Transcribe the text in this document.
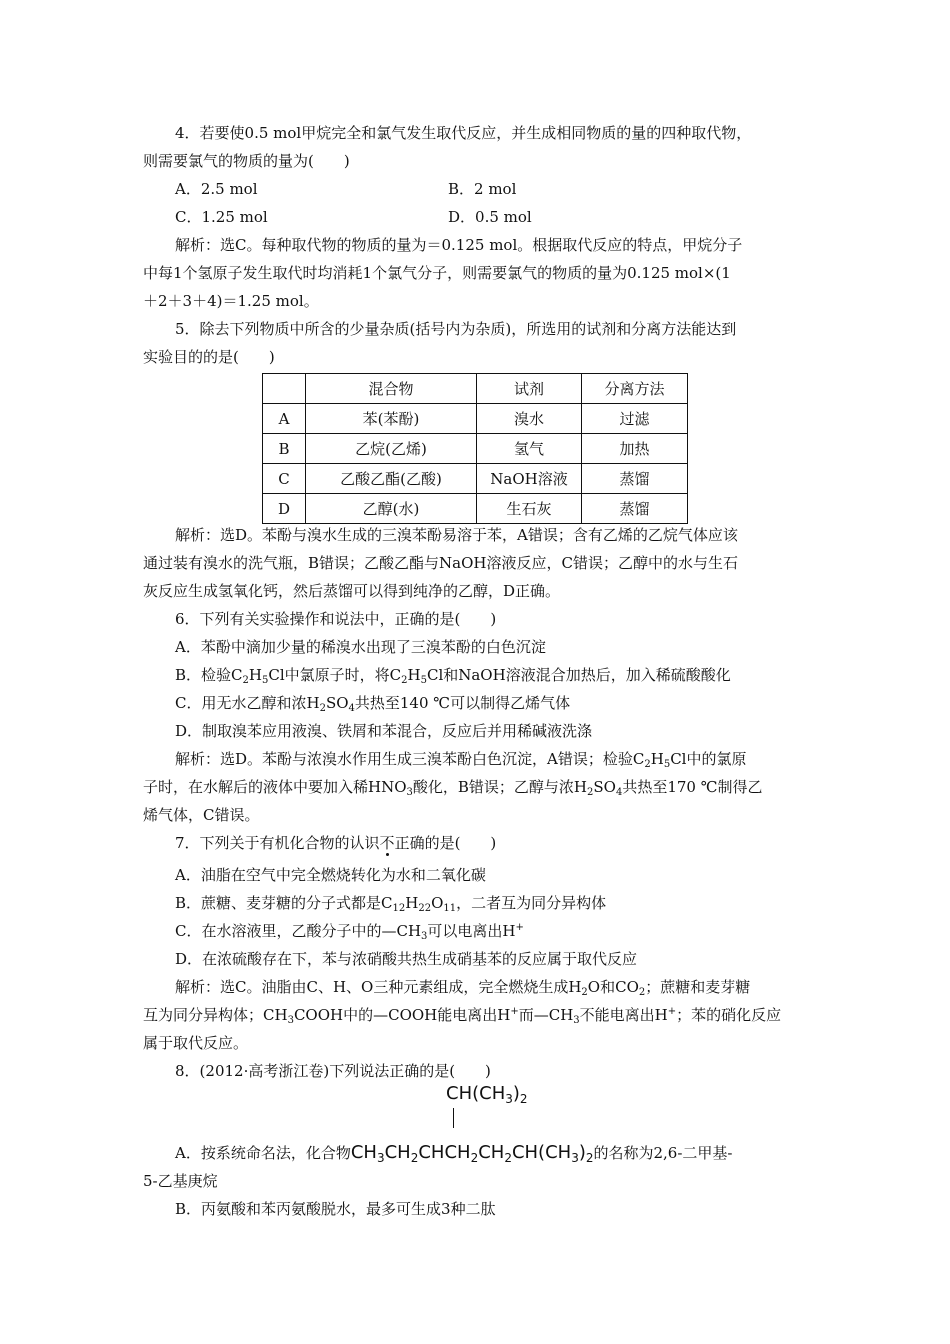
4．若要使0.5 mol甲烷完全和氯气发生取代反应，并生成相同物质的量的四种取代物，
则需要氯气的物质的量为(　　)
A．2.5 mol	B．2 mol
C．1.25 mol	D．0.5 mol
解析：选C。每种取代物的物质的量为＝0.125 mol。根据取代反应的特点，甲烷分子
中每1个氢原子发生取代时均消耗1个氯气分子，则需要氯气的物质的量为0.125 mol×(1
＋2＋3＋4)＝1.25 mol。
5．除去下列物质中所含的少量杂质(括号内为杂质)，所选用的试剂和分离方法能达到
实验目的的是(　　)
	混合物	试剂	分离方法
A	苯(苯酚)	溴水	过滤
B	乙烷(乙烯)	氢气	加热
C	乙酸乙酯(乙酸)	NaOH溶液	蒸馏
D	乙醇(水)	生石灰	蒸馏
解析：选D。苯酚与溴水生成的三溴苯酚易溶于苯，A错误；含有乙烯的乙烷气体应该
通过装有溴水的洗气瓶，B错误；乙酸乙酯与NaOH溶液反应，C错误；乙醇中的水与生石
灰反应生成氢氧化钙，然后蒸馏可以得到纯净的乙醇，D正确。
6．下列有关实验操作和说法中，正确的是(　　)
A．苯酚中滴加少量的稀溴水出现了三溴苯酚的白色沉淀
B．检验$C_2H_5Cl$中氯原子时，将$C_2H_5Cl$和NaOH溶液混合加热后，加入稀硫酸酸化
C．用无水乙醇和浓$H_2SO_4$共热至140 ℃可以制得乙烯气体
D．制取溴苯应用液溴、铁屑和苯混合，反应后并用稀碱液洗涤
解析：选D。苯酚与浓溴水作用生成三溴苯酚白色沉淀，A错误；检验$C_2H_5Cl$中的氯原
子时，在水解后的液体中要加入稀$HNO_3$酸化，B错误；乙醇与浓$H_2SO_4$共热至170 ℃制得乙
烯气体，C错误。
7．下列关于有机化合物的认识不正确的是(　　)
A．油脂在空气中完全燃烧转化为水和二氧化碳
B．蔗糖、麦芽糖的分子式都是$C_{12}H_{22}O_{11}$，二者互为同分异构体
C．在水溶液里，乙酸分子中的$—CH_3$可以电离出H+
D．在浓硫酸存在下，苯与浓硝酸共热生成硝基苯的反应属于取代反应
解析：选C。油脂由C、H、O三种元素组成，完全燃烧生成$H_2O$和$CO_2$；蔗糖和麦芽糖
互为同分异构体；$CH_3COOH$中的—COOH能电离出H+而$—CH_3$不能电离出H+；苯的硝化反应
属于取代反应。
8．(2012·高考浙江卷)下列说法正确的是(　　)
$CH(CH_3)_2$
A．按系统命名法，化合物$CH_3CH_2CHCH_2CH_2CH(CH_3)_2$的名称为2,6-二甲基-
5-乙基庚烷
B．丙氨酸和苯丙氨酸脱水，最多可生成3种二肽
